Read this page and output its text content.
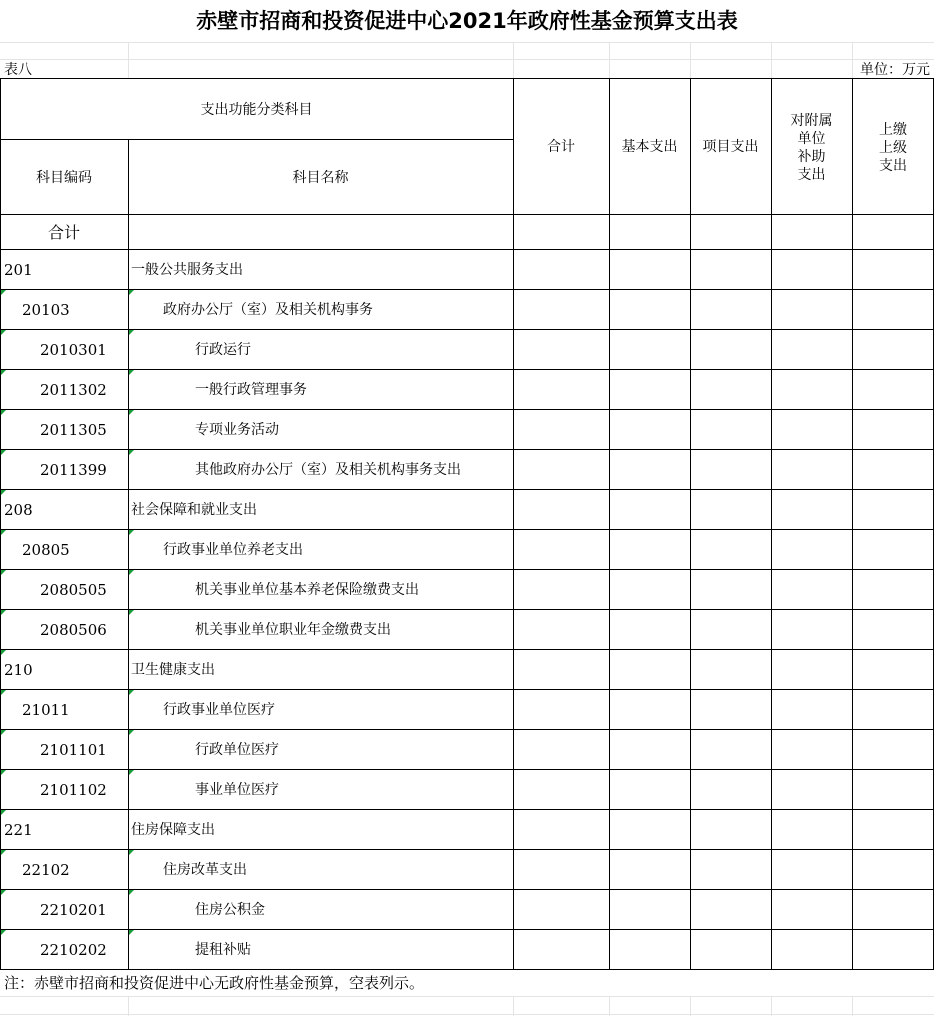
赤壁市招商和投资促进中心2021年政府性基金预算支出表
表八	单位：万元
支出功能分类科目
科目编码	科目名称
合计	基本支出	项目支出
对附属
单位
补助
支出
上缴
上级
支出
合计
201	一般公共服务支出
20103	政府办公厅（室）及相关机构事务
2010301	行政运行
2011302	一般行政管理事务
2011305	专项业务活动
2011399	其他政府办公厅（室）及相关机构事务支出
208	社会保障和就业支出
20805	行政事业单位养老支出
2080505	机关事业单位基本养老保险缴费支出
2080506	机关事业单位职业年金缴费支出
210	卫生健康支出
21011	行政事业单位医疗
2101101	行政单位医疗
2101102	事业单位医疗
221	住房保障支出
22102	住房改革支出
2210201	住房公积金
2210202	提租补贴
注：赤壁市招商和投资促进中心无政府性基金预算，空表列示。
